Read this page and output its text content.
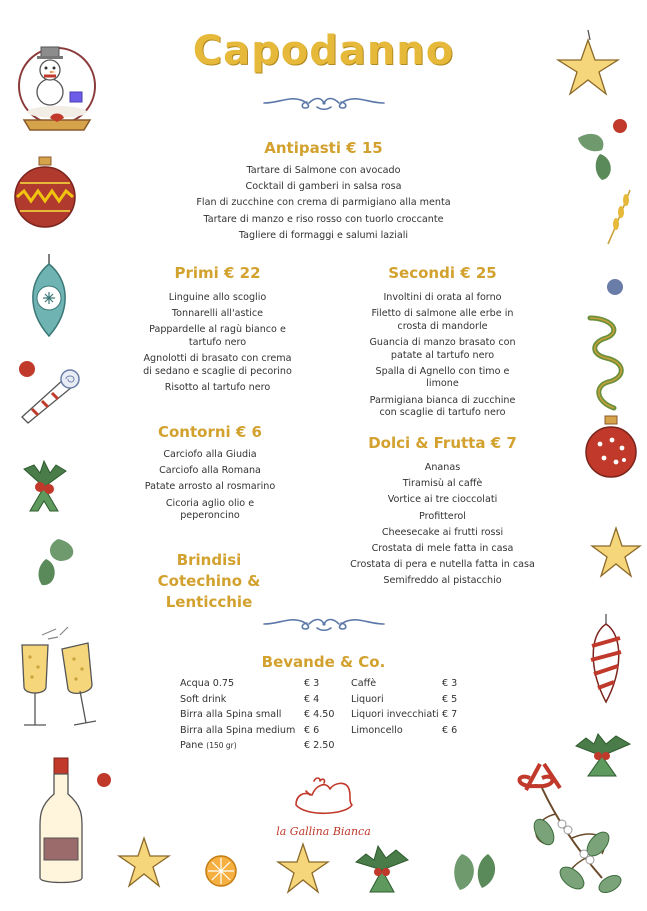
Capodanno
Antipasti € 15
Tartare di Salmone con avocado
Cocktail di gamberi in salsa rosa
Flan di zucchine con crema di parmigiano alla menta
Tartare di manzo e riso rosso con tuorlo croccante
Tagliere di formaggi e salumi laziali
Primi € 22
Linguine allo scoglio
Tonnarelli all'astice
Pappardelle al ragù bianco e tartufo nero
Agnolotti di brasato con crema di sedano e scaglie di pecorino
Risotto al tartufo nero
Secondi € 25
Involtini di orata al forno
Filetto di salmone alle erbe in crosta di mandorle
Guancia di manzo brasato con patate al tartufo nero
Spalla di Agnello con timo e limone
Parmigiana bianca di zucchine con scaglie di tartufo nero
Contorni € 6
Carciofo alla Giudia
Carciofo alla Romana
Patate arrosto al rosmarino
Cicoria aglio olio e peperoncino
Dolci & Frutta € 7
Ananas
Tiramisù al caffè
Vortice ai tre cioccolati
Profitterol
Cheesecake ai frutti rossi
Crostata di mele fatta in casa
Crostata di pera e nutella fatta in casa
Semifreddo al pistacchio
Brindisi
Cotechino & Lenticchie
Bevande & Co.
Acqua 0.75	€ 3	Caffè	€ 3
Soft drink	€ 4	Liquori	€ 5
Birra alla Spina small € 4.50 Liquori invecchiati € 7
Birra alla Spina medium € 6	Limoncello	€ 6
Pane (150 gr)	€ 2.50
la Gallina Bianca
